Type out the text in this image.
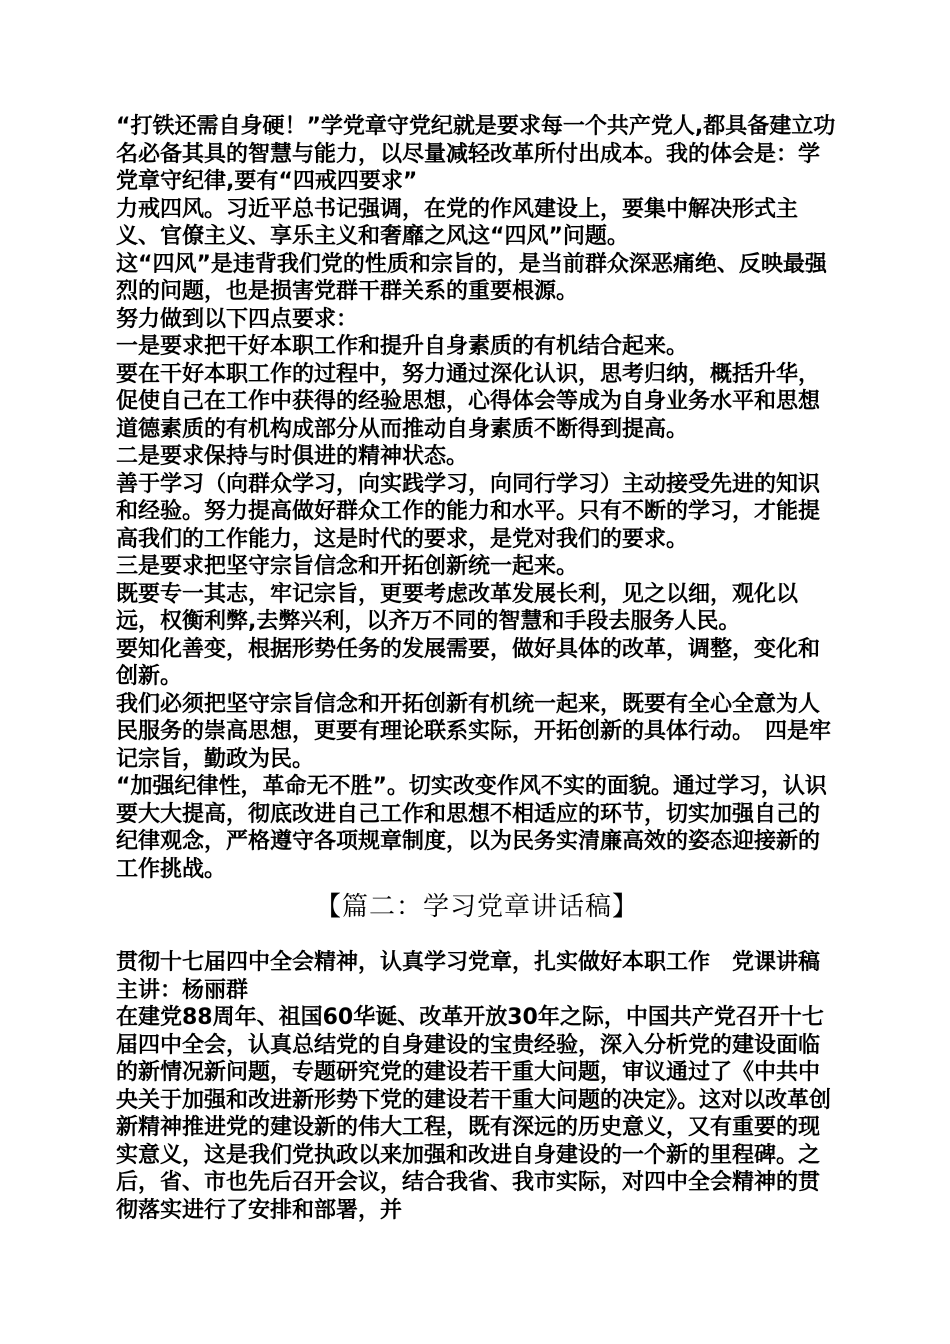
“打铁还需自身硬！”学党章守党纪就是要求每一个共产党人,都具备建立功名必备其具的智慧与能力，以尽量减轻改革所付出成本。我的体会是：学党章守纪律,要有“四戒四要求”

力戒四风。习近平总书记强调，在党的作风建设上，要集中解决形式主义、官僚主义、享乐主义和奢靡之风这“四风”问题。

这“四风”是违背我们党的性质和宗旨的，是当前群众深恶痛绝、反映最强烈的问题，也是损害党群干群关系的重要根源。

努力做到以下四点要求：

一是要求把干好本职工作和提升自身素质的有机结合起来。

要在干好本职工作的过程中，努力通过深化认识，思考归纳，概括升华，促使自己在工作中获得的经验思想，心得体会等成为自身业务水平和思想道德素质的有机构成部分从而推动自身素质不断得到提高。

二是要求保持与时俱进的精神状态。

善于学习（向群众学习，向实践学习，向同行学习）主动接受先进的知识和经验。努力提高做好群众工作的能力和水平。只有不断的学习，才能提高我们的工作能力，这是时代的要求，是党对我们的要求。

三是要求把坚守宗旨信念和开拓创新统一起来。

既要专一其志，牢记宗旨，更要考虑改革发展长利，见之以细，观化以远，权衡利弊,去弊兴利，以齐万不同的智慧和手段去服务人民。

要知化善变，根据形势任务的发展需要，做好具体的改革，调整，变化和创新。

我们必须把坚守宗旨信念和开拓创新有机统一起来，既要有全心全意为人民服务的崇高思想，更要有理论联系实际，开拓创新的具体行动。　四是牢记宗旨，勤政为民。

“加强纪律性，革命无不胜”。切实改变作风不实的面貌。通过学习，认识要大大提高，彻底改进自己工作和思想不相适应的环节，切实加强自己的纪律观念，严格遵守各项规章制度，以为民务实清廉高效的姿态迎接新的工作挑战。

【篇二：学习党章讲话稿】

贯彻十七届四中全会精神，认真学习党章，扎实做好本职工作　党课讲稿　主讲：杨丽群

在建党88周年、祖国60华诞、改革开放30年之际，中国共产党召开十七届四中全会，认真总结党的自身建设的宝贵经验，深入分析党的建设面临的新情况新问题，专题研究党的建设若干重大问题，审议通过了《中共中央关于加强和改进新形势下党的建设若干重大问题的决定》。这对以改革创新精神推进党的建设新的伟大工程，既有深远的历史意义，又有重要的现实意义，这是我们党执政以来加强和改进自身建设的一个新的里程碑。之后，省、市也先后召开会议，结合我省、我市实际，对四中全会精神的贯彻落实进行了安排和部署，并
